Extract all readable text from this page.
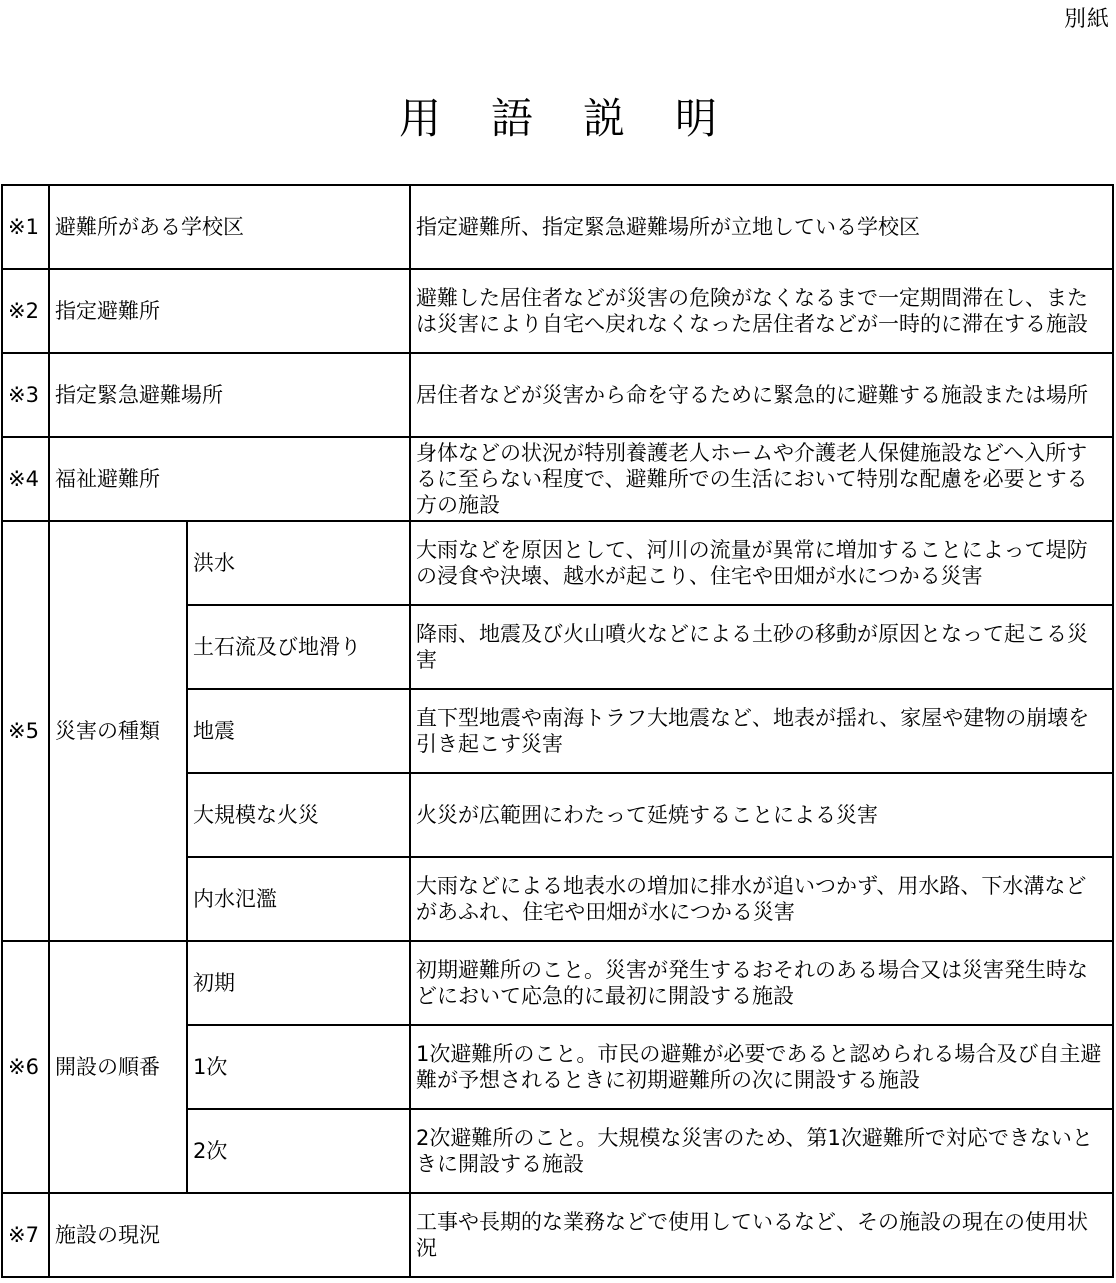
別紙
用語説明
※1	避難所がある学校区		指定避難所、指定緊急避難場所が立地している学校区
※2	指定避難所		避難した居住者などが災害の危険がなくなるまで一定期間滞在し、または災害により自宅へ戻れなくなった居住者などが一時的に滞在する施設
※3	指定緊急避難場所		居住者などが災害から命を守るために緊急的に避難する施設または場所
※4	福祉避難所		身体などの状況が特別養護老人ホームや介護老人保健施設などへ入所するに至らない程度で、避難所での生活において特別な配慮を必要とする方の施設
※5	災害の種類	洪水	大雨などを原因として、河川の流量が異常に増加することによって堤防の浸食や決壊、越水が起こり、住宅や田畑が水につかる災害
		土石流及び地滑り	降雨、地震及び火山噴火などによる土砂の移動が原因となって起こる災害
		地震	直下型地震や南海トラフ大地震など、地表が揺れ、家屋や建物の崩壊を引き起こす災害
		大規模な火災	火災が広範囲にわたって延焼することによる災害
		内水氾濫	大雨などによる地表水の増加に排水が追いつかず、用水路、下水溝などがあふれ、住宅や田畑が水につかる災害
※6	開設の順番	初期	初期避難所のこと。災害が発生するおそれのある場合又は災害発生時などにおいて応急的に最初に開設する施設
		1次	1次避難所のこと。市民の避難が必要であると認められる場合及び自主避難が予想されるときに初期避難所の次に開設する施設
		2次	2次避難所のこと。大規模な災害のため、第1次避難所で対応できないときに開設する施設
※7	施設の現況		工事や長期的な業務などで使用しているなど、その施設の現在の使用状況
